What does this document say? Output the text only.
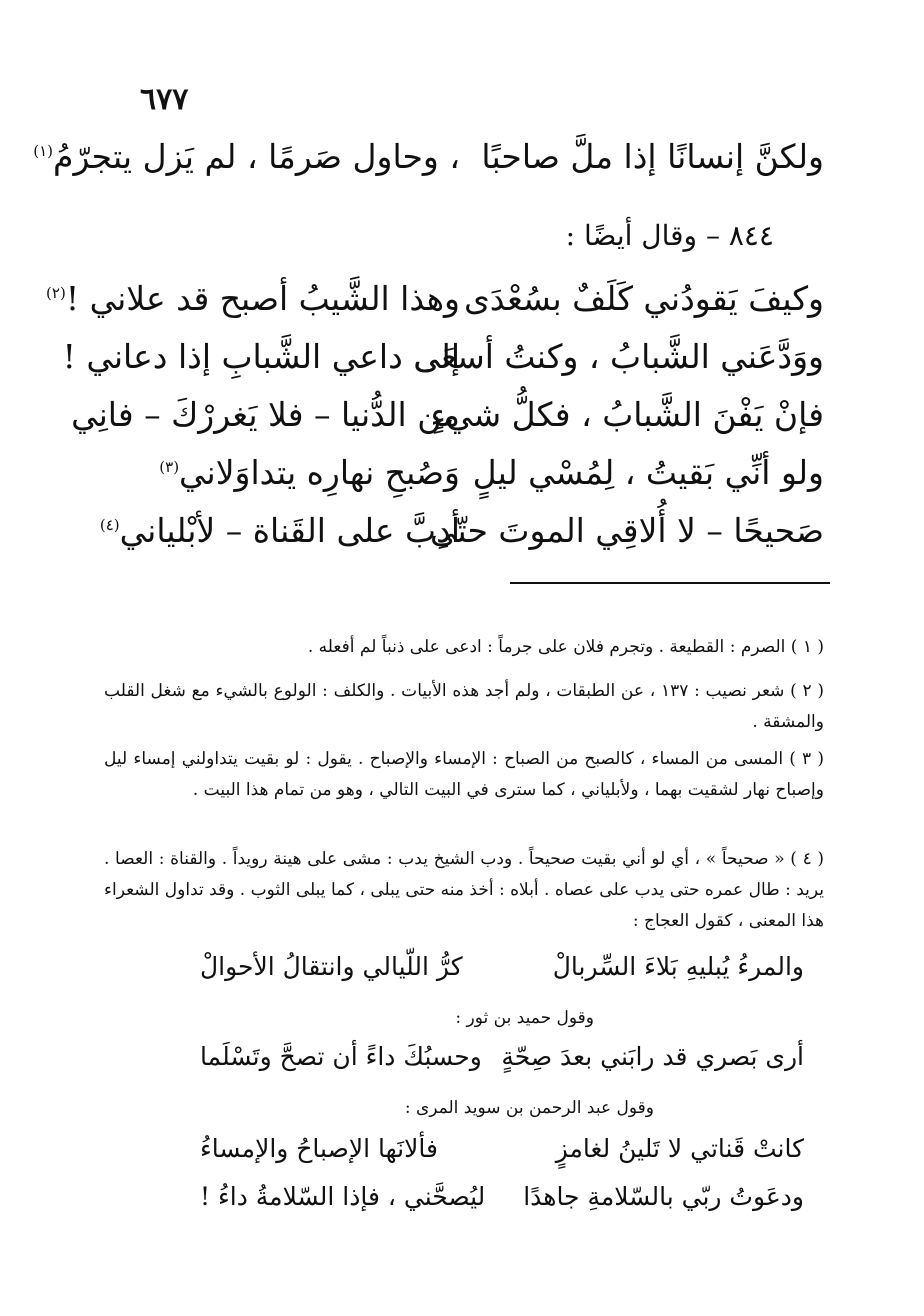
٦٧٧
ولكنَّ إنسانًا إذا ملَّ صاحبًا
، وحاول صَرمًا ، لم يَزل يتجرّمُ$^{(١)}$
٨٤٤ – وقال أيضًا :
وكيفَ يَقودُني كَلَفٌ بسُعْدَى
وهذا الشَّيبُ أصبح قد علاني !$^{(٢)}$
ووَدَّعَني الشَّبابُ ، وكنتُ أسعَى
إلى داعي الشَّبابِ إذا دعاني !
فإنْ يَفْنَ الشَّبابُ ، فكلُّ شيءٍ
من الدُّنيا – فلا يَغررْكَ – فانِي
ولو أنِّي بَقيتُ ، لِمُسْي ليلٍ
وَصُبحِ نهارِه يتداوَلاني$^{(٣)}$
صَحيحًا – لا أُلاقِي الموتَ حتّى
أدِبَّ على القَناة – لأبْلياني$^{(٤)}$
( ١ ) الصرم : القطيعة . وتجرم فلان على جرماً : ادعى على ذنباً لم أفعله .
( ٢ ) شعر نصيب : ١٣٧ ، عن الطبقات ، ولم أجد هذه الأبيات . والكلف : الولوع بالشيء مع شغل القلب والمشقة .
( ٣ ) المسى من المساء ، كالصبح من الصباح : الإمساء والإصباح . يقول : لو بقيت يتداولني إمساء ليل وإصباح نهار لشقيت بهما ، ولأبلياني ، كما سترى في البيت التالي ، وهو من تمام هذا البيت .
( ٤ ) « صحيحاً » ، أي لو أني بقيت صحيحاً . ودب الشيخ يدب : مشى على هينة رويداً . والقناة : العصا . يريد : طال عمره حتى يدب على عصاه . أبلاه : أخذ منه حتى يبلى ، كما يبلى الثوب . وقد تداول الشعراء هذا المعنى ، كقول العجاج :
والمرءُ يُبليهِ بَلاءَ السِّربالْ
كرُّ اللّيالي وانتقالُ الأحوالْ
وقول حميد بن ثور :
أرى بَصري قد رابَني بعدَ صِحّةٍ
وحسبُكَ داءً أن تصحَّ وتَسْلَما
وقول عبد الرحمن بن سويد المرى :
كانتْ قَناتي لا تَلينُ لغامزٍ
فألانَها الإصباحُ والإمساءُ
ودعَوتُ ربّي بالسّلامةِ جاهدًا
ليُصحَّني ، فإذا السّلامةُ داءُ !
